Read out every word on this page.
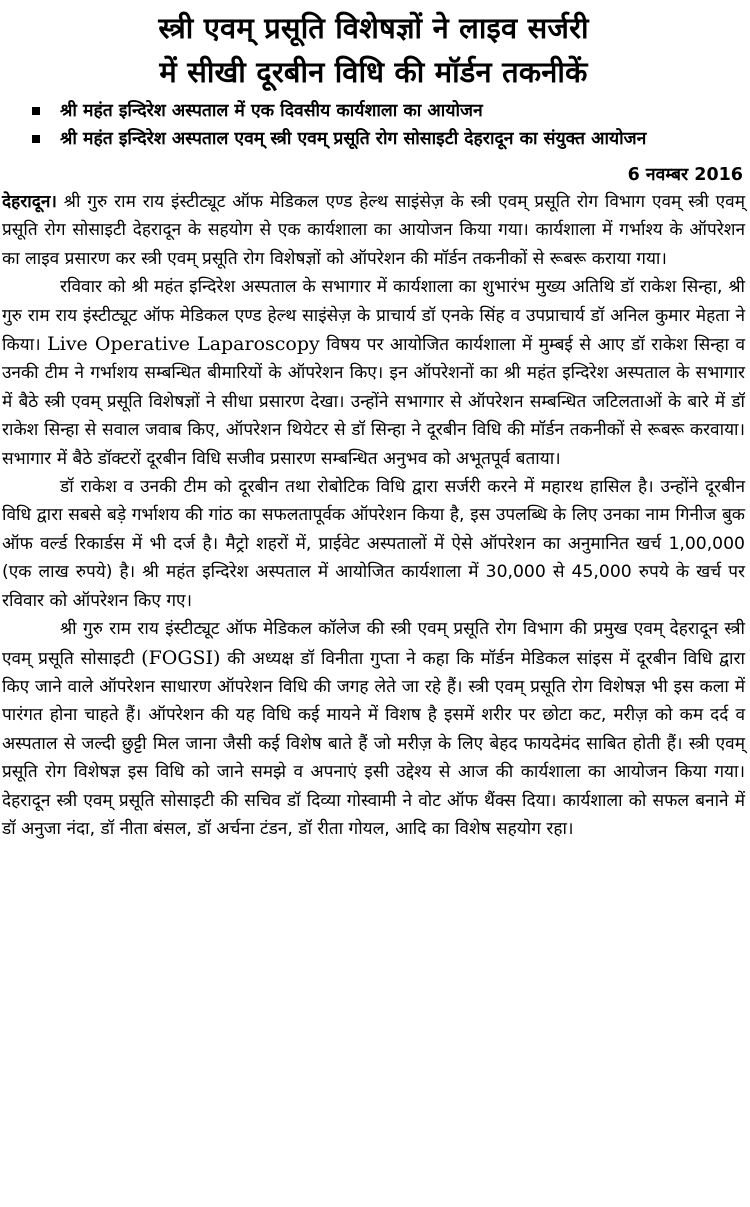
स्त्री एवम् प्रसूति विशेषज्ञों ने लाइव सर्जरी
में सीखी दूरबीन विधि की मॉर्डन तकनीकें
श्री महंत इन्दिरेश अस्पताल में एक दिवसीय कार्यशाला का आयोजन
श्री महंत इन्दिरेश अस्पताल एवम् स्त्री एवम् प्रसूति रोग सोसाइटी देहरादून का संयुक्त आयोजन
6 नवम्बर 2016

देहरादून। श्री गुरु राम राय इंस्टीट्यूट ऑफ मेडिकल एण्ड हेल्थ साइंसेज़ के स्त्री एवम् प्रसूति रोग विभाग एवम् स्त्री एवम् प्रसूति रोग सोसाइटी देहरादून के सहयोग से एक कार्यशाला का आयोजन किया गया। कार्यशाला में गर्भाश्य के ऑपरेशन का लाइव प्रसारण कर स्त्री एवम् प्रसूति रोग विशेषज्ञों को ऑपरेशन की मॉर्डन तकनीकों से रूबरू कराया गया।

रविवार को श्री महंत इन्दिरेश अस्पताल के सभागार में कार्यशाला का शुभारंभ मुख्य अतिथि डॉ राकेश सिन्हा, श्री गुरु राम राय इंस्टीट्यूट ऑफ मेडिकल एण्ड हेल्थ साइंसेज़ के प्राचार्य डॉ एनके सिंह व उपप्राचार्य डॉ अनिल कुमार मेहता ने किया। Live Operative Laparoscopy विषय पर आयोजित कार्यशाला में मुम्बई से आए डॉ राकेश सिन्हा व उनकी टीम ने गर्भाशय सम्बन्धित बीमारियों के ऑपरेशन किए। इन ऑपरेशनों का श्री महंत इन्दिरेश अस्पताल के सभागार में बैठे स्त्री एवम् प्रसूति विशेषज्ञों ने सीधा प्रसारण देखा। उन्होंने सभागार से ऑपरेशन सम्बन्धित जटिलताओं के बारे में डॉ राकेश सिन्हा से सवाल जवाब किए, ऑपरेशन थियेटर से डॉ सिन्हा ने दूरबीन विधि की मॉर्डन तकनीकों से रूबरू करवाया। सभागार में बैठे डॉक्टरों दूरबीन विधि सजीव प्रसारण सम्बन्धित अनुभव को अभूतपूर्व बताया।

डॉ राकेश व उनकी टीम को दूरबीन तथा रोबोटिक विधि द्वारा सर्जरी करने में महारथ हासिल है। उन्होंने दूरबीन विधि द्वारा सबसे बड़े गर्भाशय की गांठ का सफलतापूर्वक ऑपरेशन किया है, इस उपलब्धि के लिए उनका नाम गिनीज बुक ऑफ वर्ल्ड रिकार्डस में भी दर्ज है। मैट्रो शहरों में, प्राईवेट अस्पतालों में ऐसे ऑपरेशन का अनुमानित खर्च 1,00,000 (एक लाख रुपये) है। श्री महंत इन्दिरेश अस्पताल में आयोजित कार्यशाला में 30,000 से 45,000 रुपये के खर्च पर रविवार को ऑपरेशन किए गए।

श्री गुरु राम राय इंस्टीट्यूट ऑफ मेडिकल कॉलेज की स्त्री एवम् प्रसूति रोग विभाग की प्रमुख एवम् देहरादून स्त्री एवम् प्रसूति सोसाइटी (FOGSI) की अध्यक्ष डॉ विनीता गुप्ता ने कहा कि मॉर्डन मेडिकल सांइस में दूरबीन विधि द्वारा किए जाने वाले ऑपरेशन साधारण ऑपरेशन विधि की जगह लेते जा रहे हैं। स्त्री एवम् प्रसूति रोग विशेषज्ञ भी इस कला में पारंगत होना चाहते हैं। ऑपरेशन की यह विधि कई मायने में विशष है इसमें शरीर पर छोटा कट, मरीज़ को कम दर्द व अस्पताल से जल्दी छुट्टी मिल जाना जैसी कई विशेष बाते हैं जो मरीज़ के लिए बेहद फायदेमंद साबित होती हैं। स्त्री एवम् प्रसूति रोग विशेषज्ञ इस विधि को जाने समझे व अपनाएं इसी उद्देश्य से आज की कार्यशाला का आयोजन किया गया। देहरादून स्त्री एवम् प्रसूति सोसाइटी की सचिव डॉ दिव्या गोस्वामी ने वोट ऑफ थैंक्स दिया। कार्यशाला को सफल बनाने में डॉ अनुजा नंदा, डॉ नीता बंसल, डॉ अर्चना टंडन, डॉ रीता गोयल, आदि का विशेष सहयोग रहा।
